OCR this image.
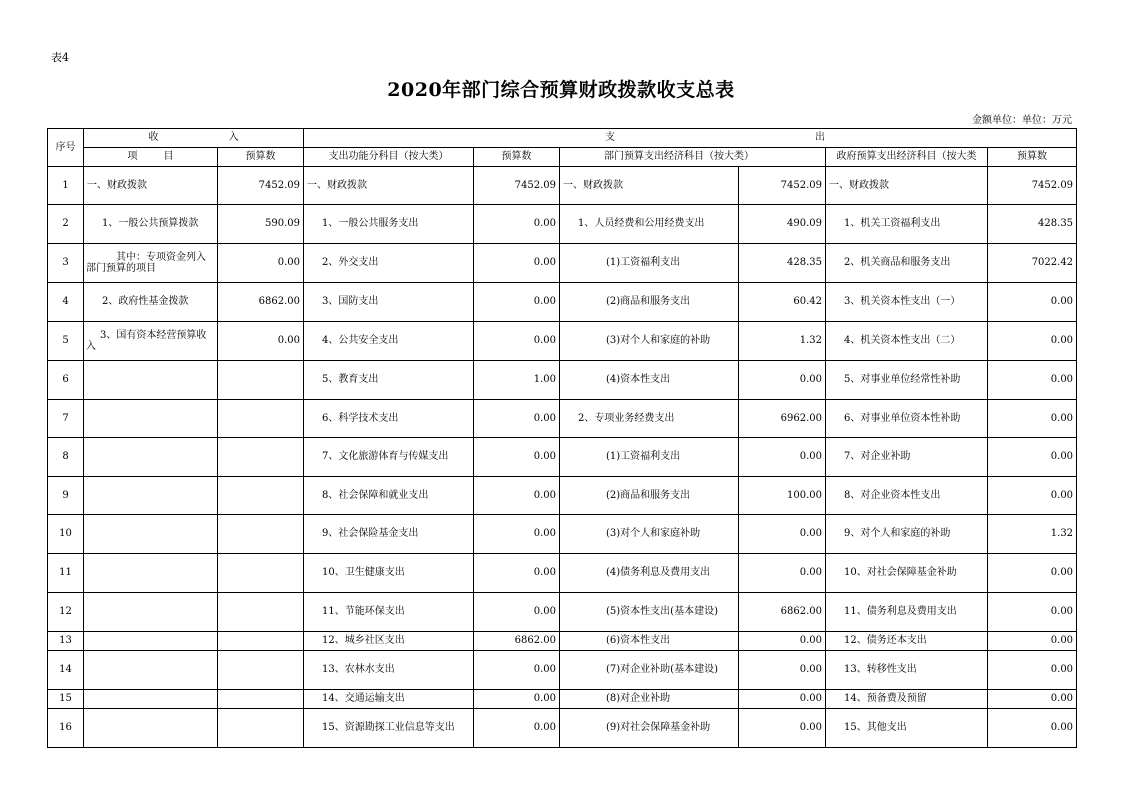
表4
2020年部门综合预算财政拨款收支总表
金额单位：单位：万元
序号	收 入		支 出				
	项 目	预算数	支出功能分科目（按大类）	预算数	部门预算支出经济科目（按大类）	政府预算支出经济科目（按大类	预算数
1	一、财政拨款	7452.09	一、财政拨款	7452.09	一、财政拨款 7452.09	一、财政拨款	7452.09
2	1、一般公共预算拨款	590.09	1、一般公共服务支出	0.00	1、人员经费和公用经费支出 490.09	1、机关工资福利支出	428.35
3	其中：专项资金列入部门预算的项目	0.00	2、外交支出	0.00	(1)工资福利支出 428.35	2、机关商品和服务支出	7022.42
4	2、政府性基金拨款	6862.00	3、国防支出	0.00	(2)商品和服务支出 60.42	3、机关资本性支出（一）	0.00
5	3、国有资本经营预算收入	0.00	4、公共安全支出	0.00	(3)对个人和家庭的补助 1.32	4、机关资本性支出（二）	0.00
6			5、教育支出	1.00	(4)资本性支出 0.00	5、对事业单位经常性补助	0.00
7			6、科学技术支出	0.00	2、专项业务经费支出 6962.00	6、对事业单位资本性补助	0.00
8			7、文化旅游体育与传媒支出	0.00	(1)工资福利支出 0.00	7、对企业补助	0.00
9			8、社会保障和就业支出	0.00	(2)商品和服务支出 100.00	8、对企业资本性支出	0.00
10			9、社会保险基金支出	0.00	(3)对个人和家庭补助 0.00	9、对个人和家庭的补助	1.32
11			10、卫生健康支出	0.00	(4)债务利息及费用支出 0.00	10、对社会保障基金补助	0.00
12			11、节能环保支出	0.00	(5)资本性支出(基本建设) 6862.00	11、债务利息及费用支出	0.00
13			12、城乡社区支出	6862.00	(6)资本性支出 0.00	12、债务还本支出	0.00
14			13、农林水支出	0.00	(7)对企业补助(基本建设) 0.00	13、转移性支出	0.00
15			14、交通运输支出	0.00	(8)对企业补助 0.00	14、预备费及预留	0.00
16			15、资源勘探工业信息等支出	0.00	(9)对社会保障基金补助 0.00	15、其他支出	0.00
